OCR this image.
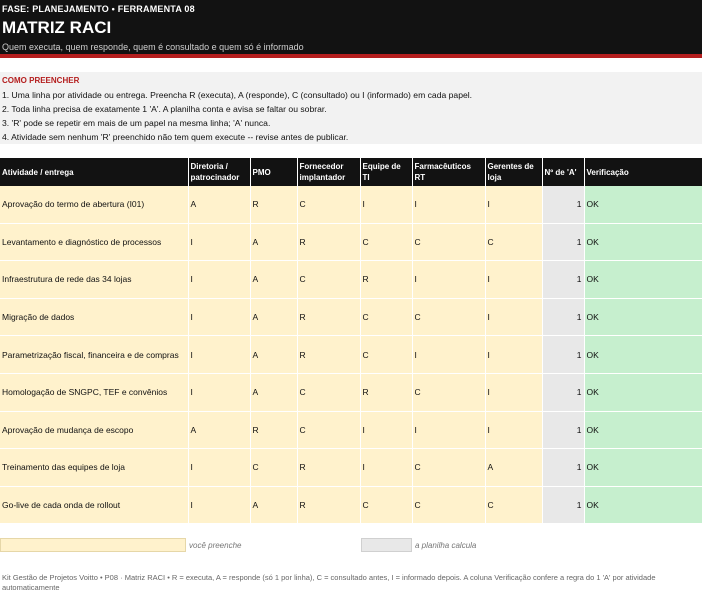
FASE: PLANEJAMENTO • FERRAMENTA 08
MATRIZ RACI
Quem executa, quem responde, quem é consultado e quem só é informado
COMO PREENCHER
1. Uma linha por atividade ou entrega. Preencha R (executa), A (responde), C (consultado) ou I (informado) em cada papel.
2. Toda linha precisa de exatamente 1 'A'. A planilha conta e avisa se faltar ou sobrar.
3. 'R' pode se repetir em mais de um papel na mesma linha; 'A' nunca.
4. Atividade sem nenhum 'R' preenchido não tem quem execute -- revise antes de publicar.
Atividade / entrega	Diretoria / patrocinador	PMO	Fornecedor implantador	Equipe de TI	Farmacêuticos RT	Gerentes de loja	Nº de 'A'	Verificação
Aprovação do termo de abertura (I01)	A	R	C	I	I	I	1	OK
Levantamento e diagnóstico de processos	I	A	R	C	C	C	1	OK
Infraestrutura de rede das 34 lojas	I	A	C	R	I	I	1	OK
Migração de dados	I	A	R	C	C	I	1	OK
Parametrização fiscal, financeira e de compras	I	A	R	C	I	I	1	OK
Homologação de SNGPC, TEF e convênios	I	A	C	R	C	I	1	OK
Aprovação de mudança de escopo	A	R	C	I	I	I	1	OK
Treinamento das equipes de loja	I	C	R	I	C	A	1	OK
Go-live de cada onda de rollout	I	A	R	C	C	C	1	OK
você preenche	a planilha calcula
Kit Gestão de Projetos Voitto • P08 · Matriz RACI • R = executa, A = responde (só 1 por linha), C = consultado antes, I = informado depois. A coluna Verificação confere a regra do 1 'A' por atividade automaticamente
